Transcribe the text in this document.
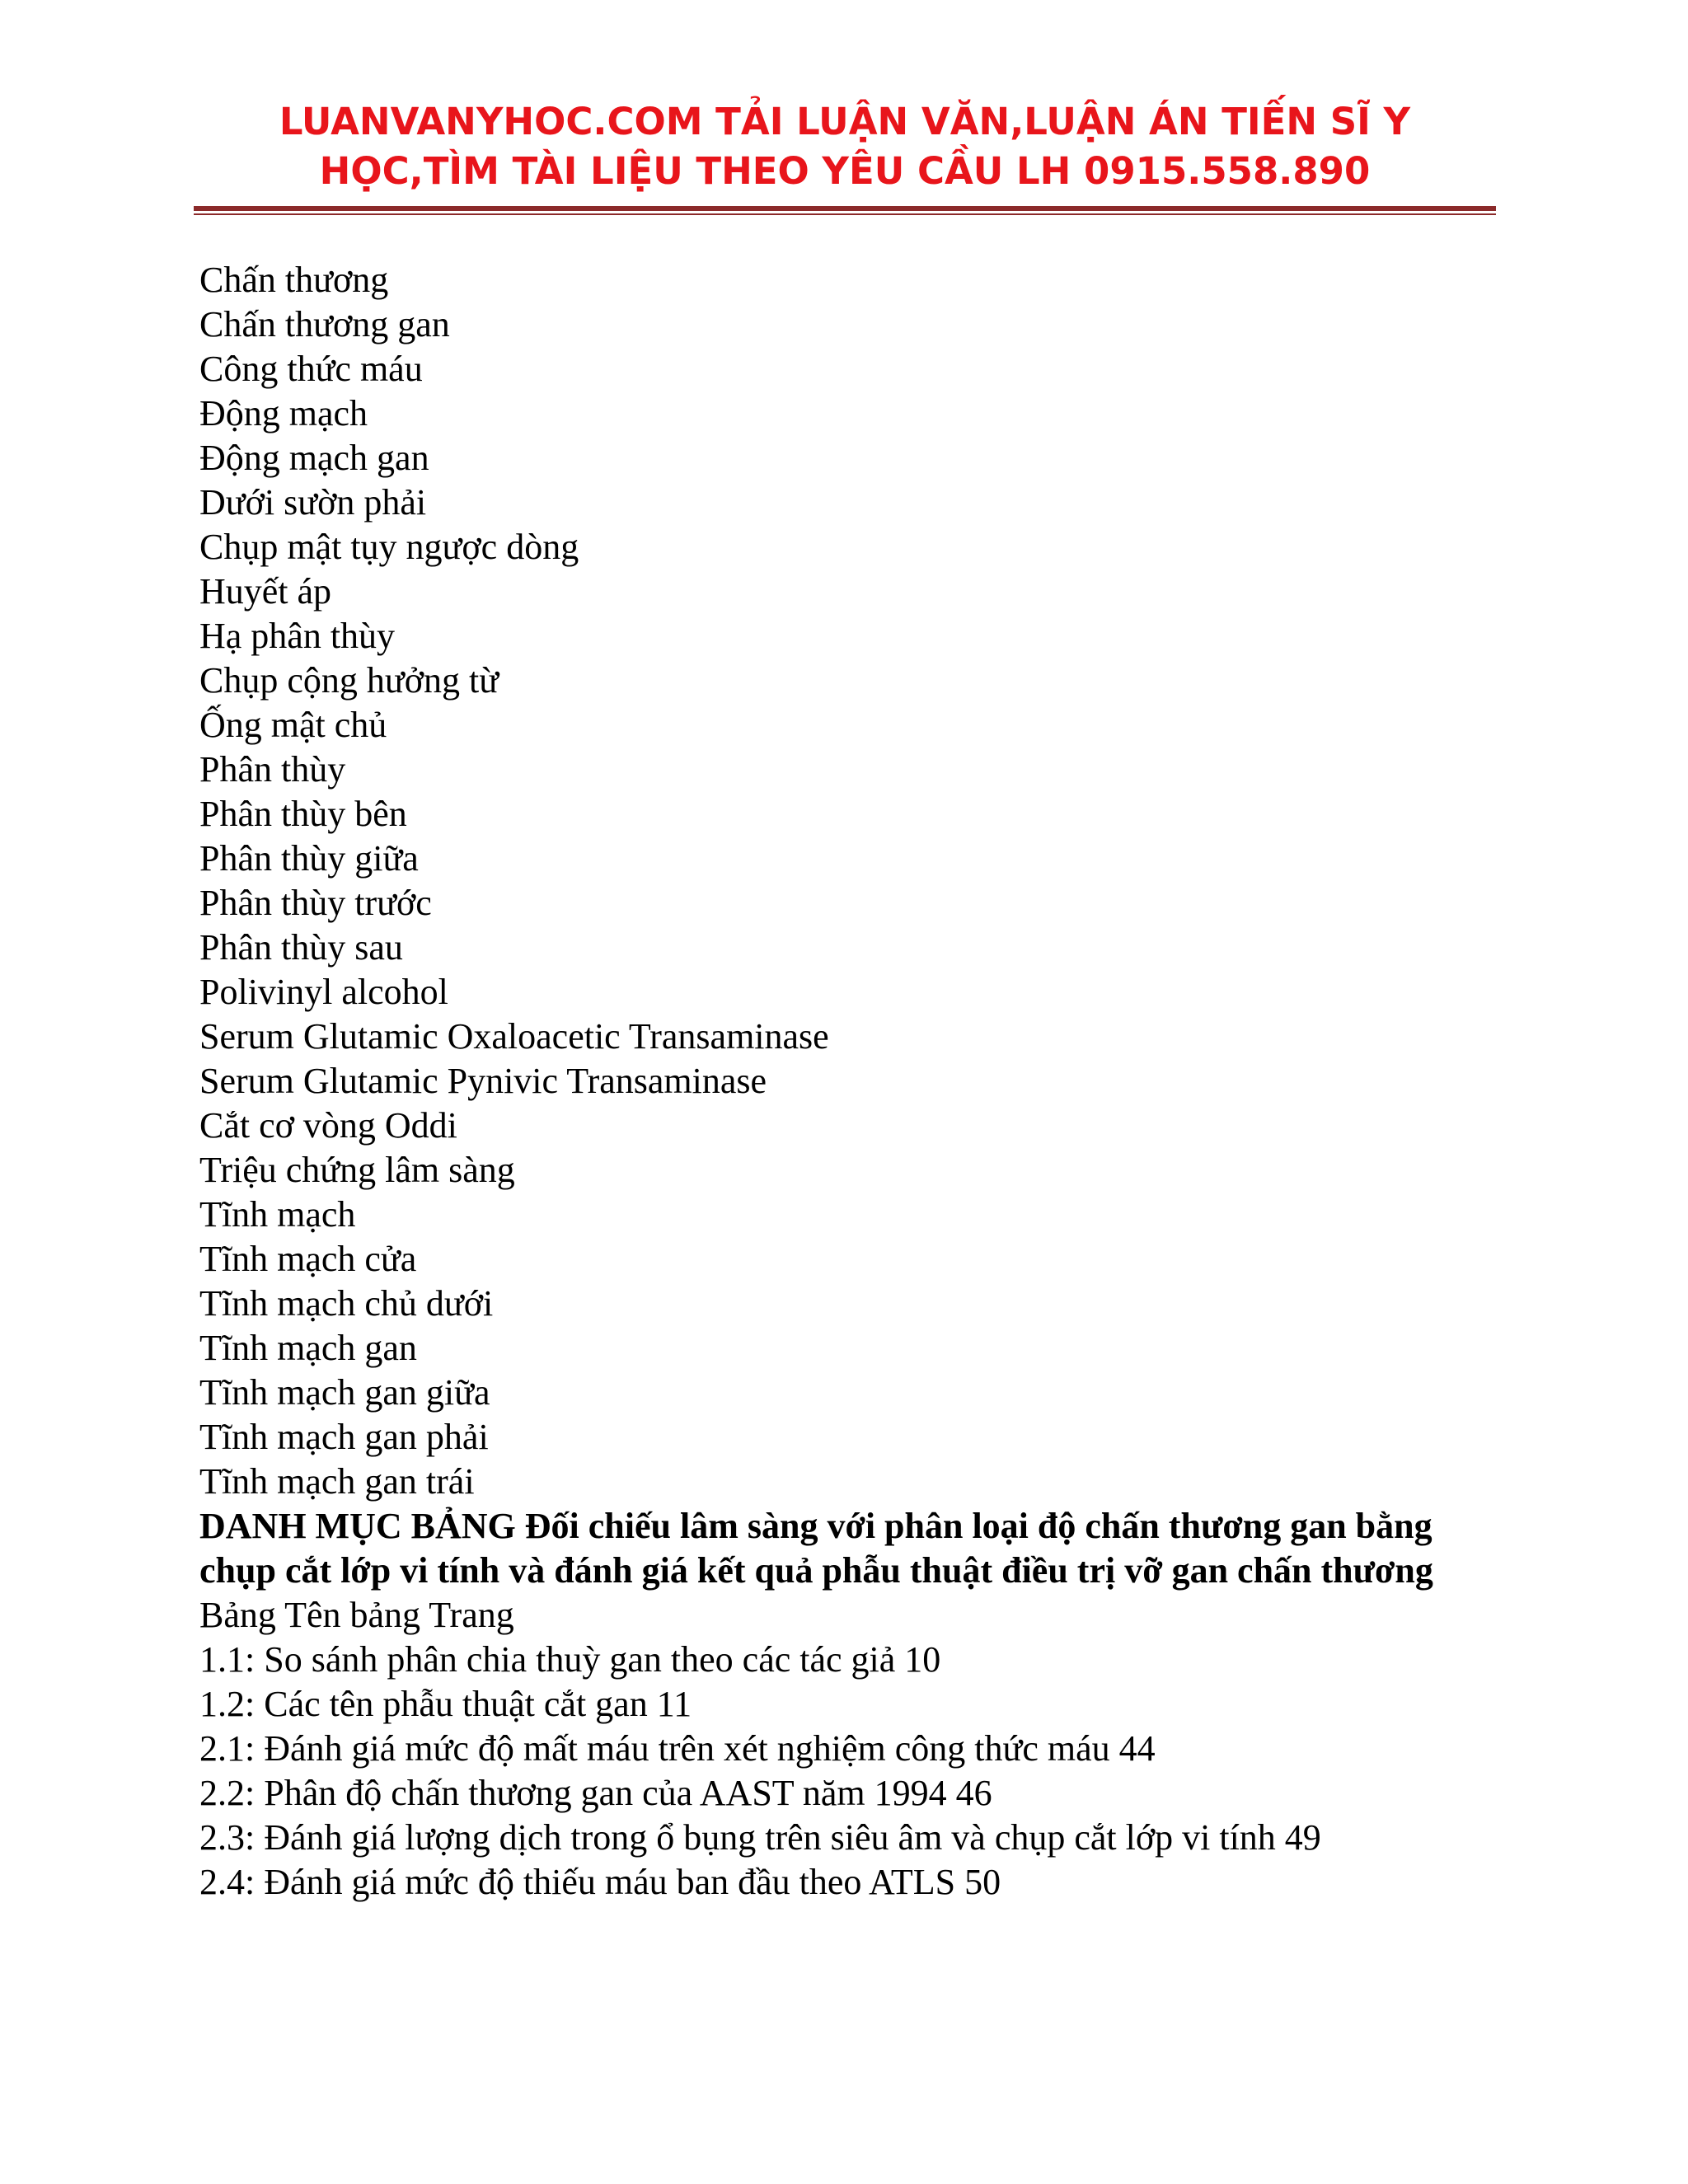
LUANVANYHOC.COM TẢI LUẬN VĂN,LUẬN ÁN TIẾN SĨ Y
HỌC,TÌM TÀI LIỆU THEO YÊU CẦU LH 0915.558.890
Chấn thương
Chấn thương gan
Công thức máu
Động mạch
Động mạch gan
Dưới sườn phải
Chụp mật tụy ngược dòng
Huyết áp
Hạ phân thùy
Chụp cộng hưởng từ
Ống mật chủ
Phân thùy
Phân thùy bên
Phân thùy giữa
Phân thùy trước
Phân thùy sau
Polivinyl alcohol
Serum Glutamic Oxaloacetic Transaminase
Serum Glutamic Pynivic Transaminase
Cắt cơ vòng Oddi
Triệu chứng lâm sàng
Tĩnh mạch
Tĩnh mạch cửa
Tĩnh mạch chủ dưới
Tĩnh mạch gan
Tĩnh mạch gan giữa
Tĩnh mạch gan phải
Tĩnh mạch gan trái

DANH MỤC BẢNG Đối chiếu lâm sàng với phân loại độ chấn thương gan bằng chụp cắt lớp vi tính và đánh giá kết quả phẫu thuật điều trị vỡ gan chấn thương

Bảng Tên bảng Trang
1.1: So sánh phân chia thuỳ gan theo các tác giả 10
1.2: Các tên phẫu thuật cắt gan 11
2.1: Đánh giá mức độ mất máu trên xét nghiệm công thức máu 44
2.2: Phân độ chấn thương gan của AAST năm 1994 46
2.3: Đánh giá lượng dịch trong ổ bụng trên siêu âm và chụp cắt lớp vi tính 49
2.4: Đánh giá mức độ thiếu máu ban đầu theo ATLS 50
